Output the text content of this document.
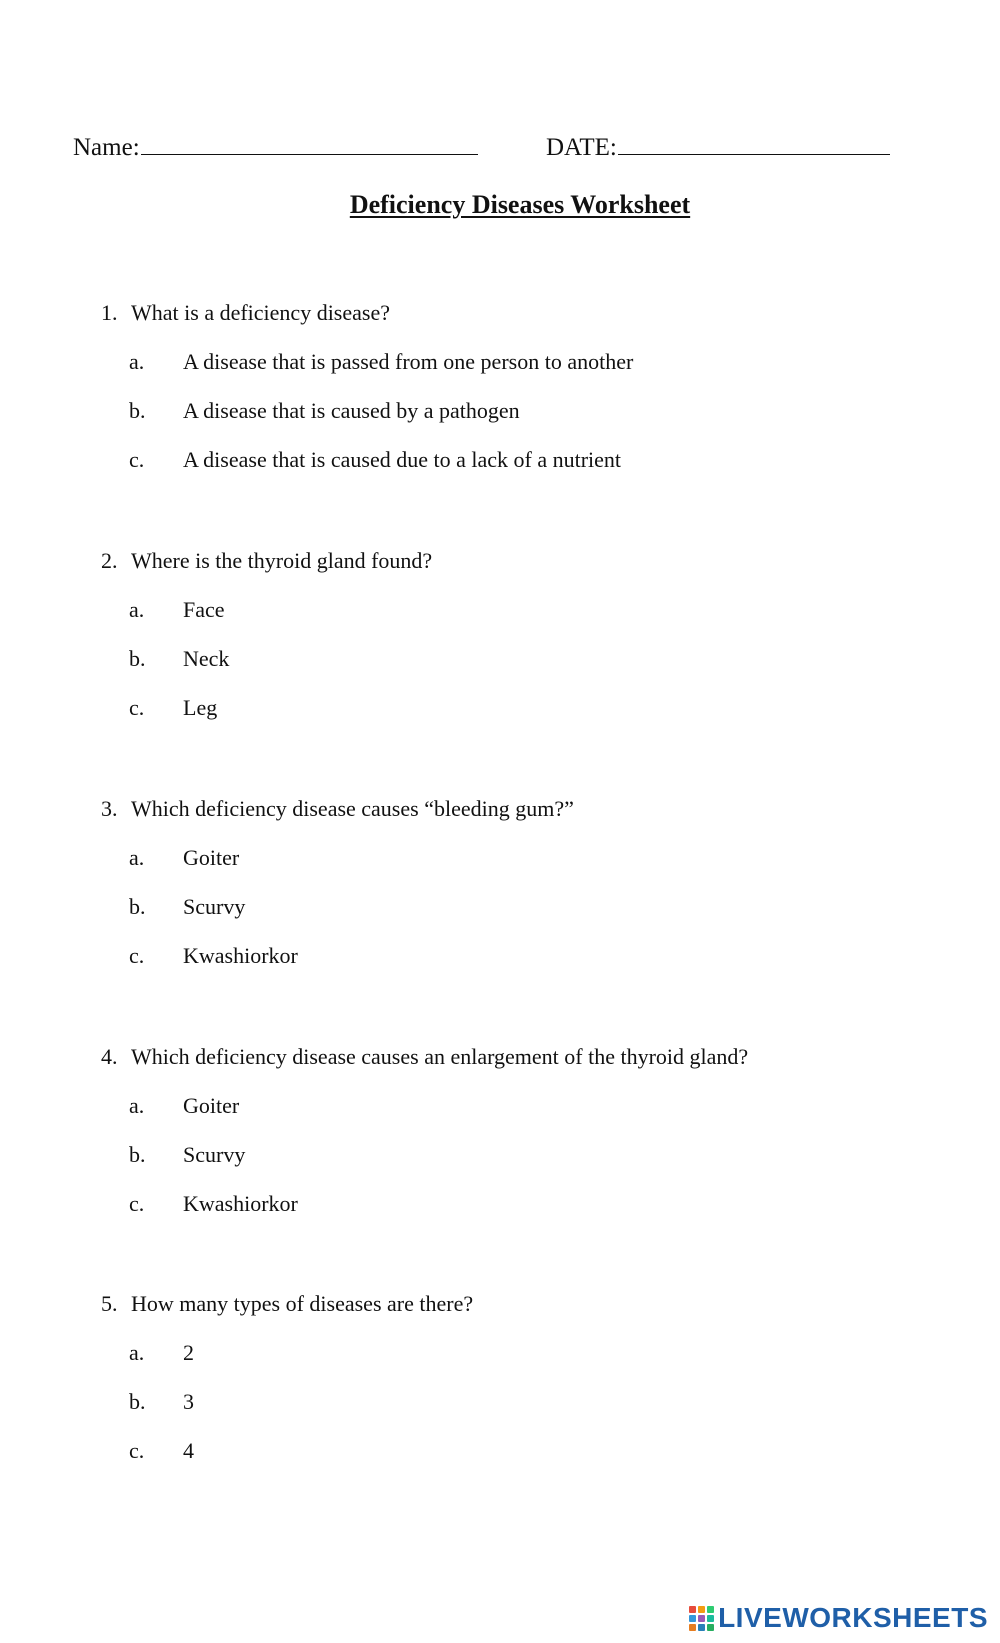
Name:	DATE:
Deficiency Diseases Worksheet
1. What is a deficiency disease?
a. A disease that is passed from one person to another
b. A disease that is caused by a pathogen
c. A disease that is caused due to a lack of a nutrient
2. Where is the thyroid gland found?
a. Face
b. Neck
c. Leg
3. Which deficiency disease causes “bleeding gum?”
a. Goiter
b. Scurvy
c. Kwashiorkor
4. Which deficiency disease causes an enlargement of the thyroid gland?
a. Goiter
b. Scurvy
c. Kwashiorkor
5. How many types of diseases are there?
a. 2
b. 3
c. 4
LIVEWORKSHEETS
